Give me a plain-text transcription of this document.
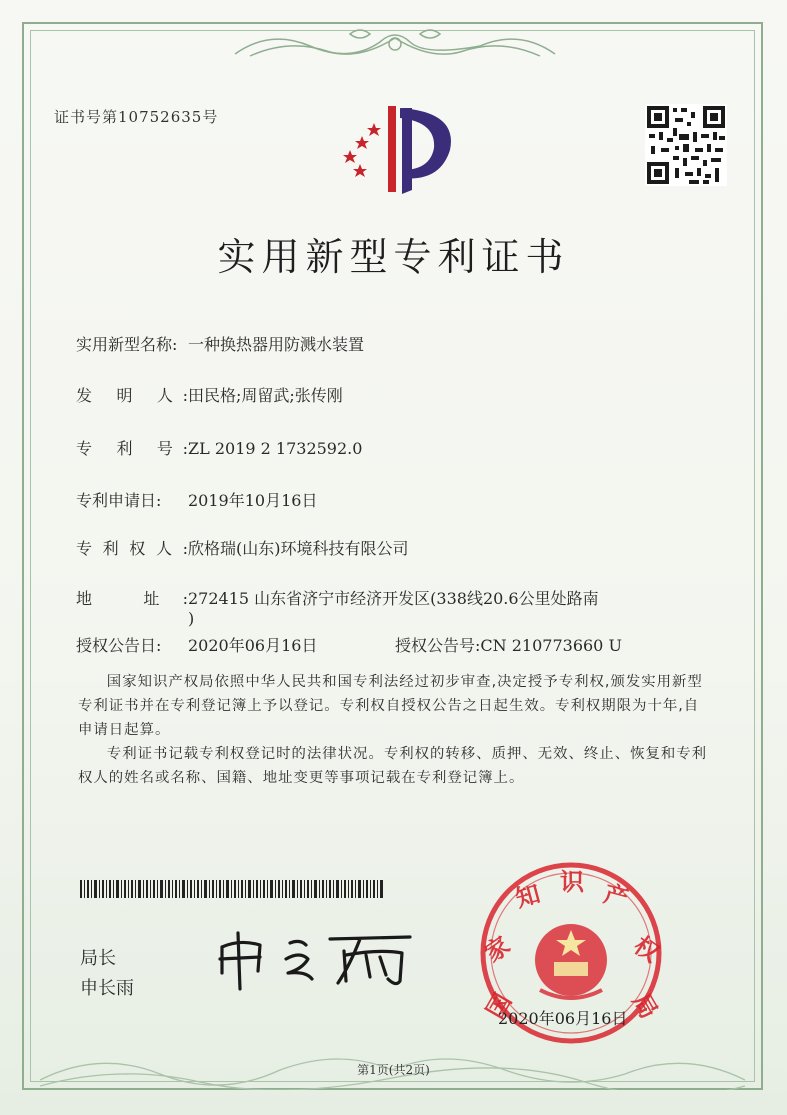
证书号第10752635号
实用新型专利证书
实用新型名称: 一种换热器用防溅水装置
发 明 人:田民格;周留武;张传刚
专 利 号:ZL 2019 2 1732592.0
专利申请日: 2019年10月16日
专利权人:欣格瑞(山东)环境科技有限公司
地 址:272415 山东省济宁市经济开发区(338线20.6公里处路南
)
授权公告日: 2020年06月16日	授权公告号:CN 210773660 U
国家知识产权局依照中华人民共和国专利法经过初步审查,决定授予专利权,颁发实用新型专利证书并在专利登记簿上予以登记。专利权自授权公告之日起生效。专利权期限为十年,自申请日起算。
专利证书记载专利权登记时的法律状况。专利权的转移、质押、无效、终止、恢复和专利权人的姓名或名称、国籍、地址变更等事项记载在专利登记簿上。
局长
申长雨
国
家
知 识 产
权
局
2020年06月16日
第1页(共2页)
